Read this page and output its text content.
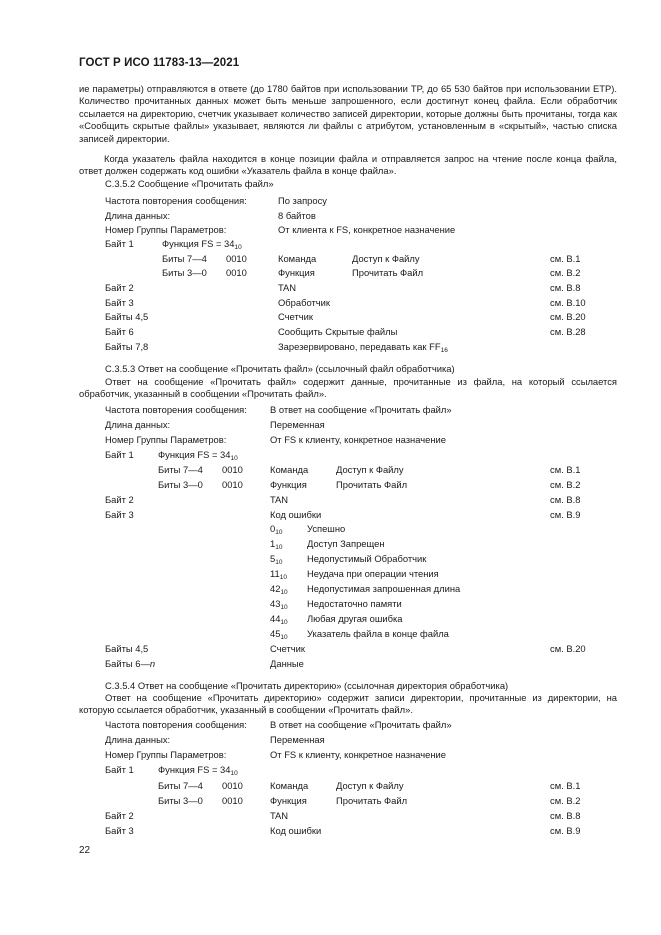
ГОСТ Р ИСО 11783-13—2021
ие параметры) отправляются в ответе (до 1780 байтов при использовании TP, до 65 530 байтов при использовании ETP). Количество прочитанных данных может быть меньше запрошенного, если достигнут конец файла. Если обработчик ссылается на директорию, счетчик указывает количество записей директории, которые должны быть прочитаны, тогда как «Сообщить скрытые файлы» указывает, являются ли файлы с атрибутом, установленным в «скрытый», частью списка записей директории.
Когда указатель файла находится в конце позиции файла и отправляется запрос на чтение после конца файла, ответ должен содержать код ошибки «Указатель файла в конце файла».
С.3.5.2 Сообщение «Прочитать файл»
Частота повторения сообщения:	По запросу
Длина данных:	8 байтов
Номер Группы Параметров:	От клиента к FS, конкретное назначение
Байт 1	Функция FS = $34_{10}$
Биты 7—4 0010	Команда	Доступ к Файлу	см. B.1
Биты 3—0 0010	Функция	Прочитать Файл	см. B.2
Байт 2	TAN	см. B.8
Байт 3	Обработчик	см. B.10
Байты 4,5	Счетчик	см. B.20
Байт 6	Сообщить Скрытые файлы	см. B.28
Байты 7,8	Зарезервировано, передавать как $FF_{16}$
С.3.5.3 Ответ на сообщение «Прочитать файл» (ссылочный файл обработчика)
Ответ на сообщение «Прочитать файл» содержит данные, прочитанные из файла, на который ссылается обработчик, указанный в сообщении «Прочитать файл».
Частота повторения сообщения: В ответ на сообщение «Прочитать файл»
Длина данных:	Переменная
Номер Группы Параметров:	От FS к клиенту, конкретное назначение
Байт 1	Функция FS = $34_{10}$
Биты 7—4 0010	Команда	Доступ к Файлу	см. B.1
Биты 3—0 0010	Функция	Прочитать Файл	см. B.2
Байт 2	TAN	см. B.8
Байт 3	Код ошибки	см. B.9
$0_{10}$	Успешно
$1_{10}$	Доступ Запрещен
$5_{10}$	Недопустимый Обработчик
$11_{10}$ Неудача при операции чтения
$42_{10}$ Недопустимая запрошенная длина
$43_{10}$ Недостаточно памяти
$44_{10}$ Любая другая ошибка
$45_{10}$ Указатель файла в конце файла
Байты 4,5	Счетчик	см. B.20
Байты 6—n	Данные
С.3.5.4 Ответ на сообщение «Прочитать директорию» (ссылочная директория обработчика)
Ответ на сообщение «Прочитать директорию» содержит записи директории, прочитанные из директории, на которую ссылается обработчик, указанный в сообщении «Прочитать файл».
Частота повторения сообщения: В ответ на сообщение «Прочитать файл»
Длина данных:	Переменная
Номер Группы Параметров:	От FS к клиенту, конкретное назначение
Байт 1	Функция FS = $34_{10}$
Биты 7—4 0010	Команда	Доступ к Файлу	см. B.1
Биты 3—0 0010	Функция	Прочитать Файл	см. B.2
Байт 2	TAN	см. B.8
Байт 3	Код ошибки	см. B.9
22
